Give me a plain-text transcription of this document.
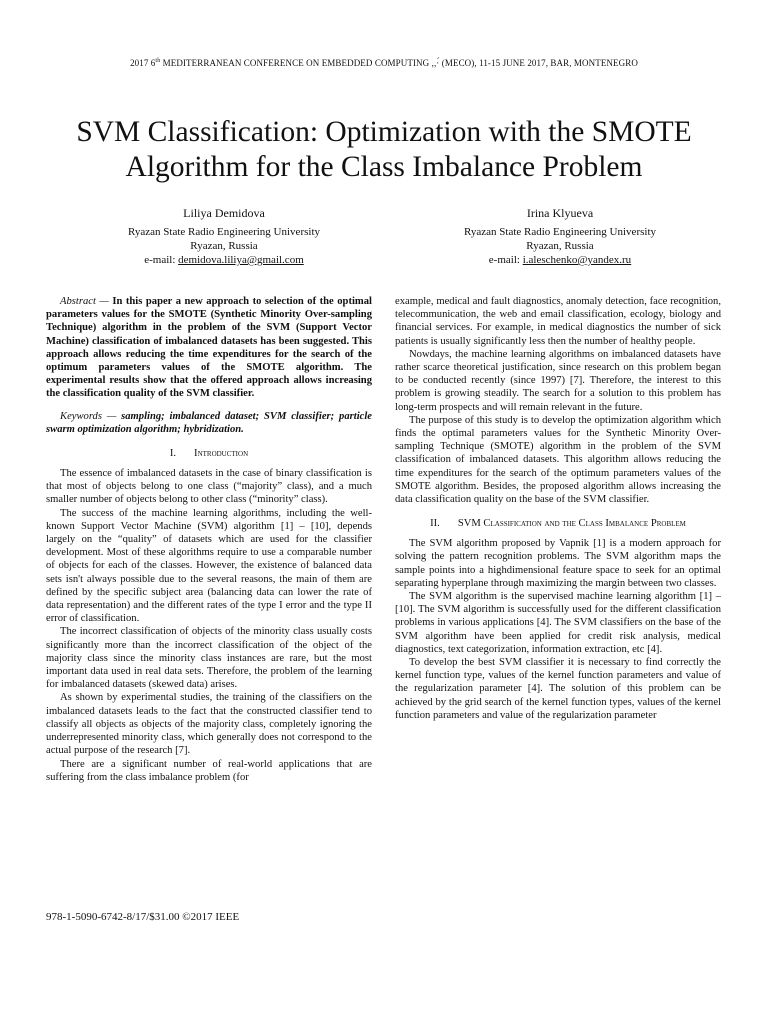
2017 6th MEDITERRANEAN CONFERENCE ON EMBEDDED COMPUTING ,,·́ (MECO), 11-15 JUNE 2017, BAR, MONTENEGRO
SVM Classification: Optimization with the SMOTE Algorithm for the Class Imbalance Problem
Liliya Demidova
Ryazan State Radio Engineering University
Ryazan, Russia
e-mail: demidova.liliya@gmail.com
Irina Klyueva
Ryazan State Radio Engineering University
Ryazan, Russia
e-mail: i.aleschenko@yandex.ru

Abstract — In this paper a new approach to selection of the optimal parameters values for the SMOTE (Synthetic Minority Over-sampling Technique) algorithm in the problem of the SVM (Support Vector Machine) classification of imbalanced datasets has been suggested. This approach allows reducing the time expenditures for the search of the optimum parameters values of the SMOTE algorithm. The experimental results show that the offered approach allows increasing the classification quality of the SVM classifier.

Keywords — sampling; imbalanced dataset; SVM classifier; particle swarm optimization algorithm; hybridization.

I. Introduction

The essence of imbalanced datasets in the case of binary classification is that most of objects belong to one class (“majority” class), and a much smaller number of objects belong to other class (“minority” class).

The success of the machine learning algorithms, including the well-known Support Vector Machine (SVM) algorithm [1] – [10], depends largely on the “quality” of datasets which are used for the classifier development. Most of these algorithms require to use a comparable number of objects for each of the classes. However, the existence of balanced data sets isn't always possible due to the several reasons, the main of them are defined by the specific subject area (balancing data can lower the rate of data representation) and the different rates of the type I error and the type II error of classification.

The incorrect classification of objects of the minority class usually costs significantly more than the incorrect classification of the object of the majority class since the minority class instances are rare, but the most important data used in real data sets. Therefore, the problem of the learning for imbalanced datasets (skewed data) arises.

As shown by experimental studies, the training of the classifiers on the imbalanced datasets leads to the fact that the constructed classifier tend to classify all objects as objects of the majority class, completely ignoring the underrepresented minority class, which generally does not correspond to the actual purpose of the research [7].

There are a significant number of real-world applications that are suffering from the class imbalance problem (for

example, medical and fault diagnostics, anomaly detection, face recognition, telecommunication, the web and email classification, ecology, biology and financial services. For example, in medical diagnostics the number of sick patients is usually significantly less then the number of healthy people.

Nowdays, the machine learning algorithms on imbalanced datasets have rather scarce theoretical justification, since research on this problem began to be conducted recently (since 1997) [7]. Therefore, the interest to this problem is growing steadily. The search for a solution to this problem has long-term prospects and will remain relevant in the future.

The purpose of this study is to develop the optimization algorithm which finds the optimal parameters values for the Synthetic Minority Over-sampling Technique (SMOTE) algorithm in the problem of the SVM classification of imbalanced datasets. This algorithm allows reducing the time expenditures for the search of the optimum parameters values of the SMOTE algorithm. Besides, the proposed algorithm allows increasing the data classification quality on the base of the SVM classifier.

II. SVM Classification and the Class Imbalance Problem

The SVM algorithm proposed by Vapnik [1] is a modern approach for solving the pattern recognition problems. The SVM algorithm maps the sample points into a highdimensional feature space to seek for an optimal separating hyperplane through maximizing the margin between two classes.

The SVM algorithm is the supervised machine learning algorithm [1] – [10]. The SVM algorithm is successfully used for the different classification problems in various applications [4]. The SVM classifiers on the base of the SVM algorithm have been applied for credit risk analysis, medical diagnostics, text categorization, information extraction, etc [4].

To develop the best SVM classifier it is necessary to find correctly the kernel function type, values of the kernel function parameters and value of the regularization parameter [4]. The solution of this problem can be achieved by the grid search of the kernel function types, values of the kernel function parameters and value of the regularization parameter

978-1-5090-6742-8/17/$31.00 ©2017 IEEE
